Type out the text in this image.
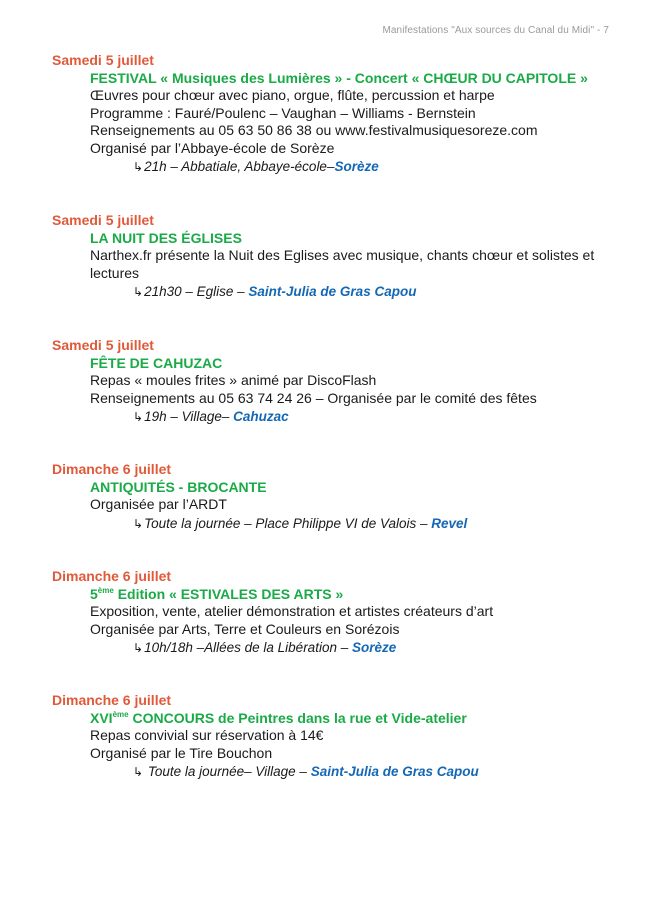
Manifestations "Aux sources du Canal du Midi" - 7
Samedi 5 juillet
FESTIVAL « Musiques des Lumières » - Concert « CHŒUR DU CAPITOLE »
Œuvres pour chœur avec piano, orgue, flûte, percussion et harpe
Programme : Fauré/Poulenc – Vaughan – Williams - Bernstein
Renseignements au 05 63 50 86 38 ou www.festivalmusiquesoreze.com
Organisé par l’Abbaye-école de Sorèze
↳21h – Abbatiale, Abbaye-école–Sorèze
Samedi 5 juillet
LA NUIT DES ÉGLISES
Narthex.fr présente la Nuit des Eglises avec musique, chants chœur et solistes et
lectures
↳21h30 – Eglise – Saint-Julia de Gras Capou
Samedi 5 juillet
FÊTE DE CAHUZAC
Repas « moules frites » animé par DiscoFlash
Renseignements au 05 63 74 24 26 – Organisée par le comité des fêtes
↳19h – Village– Cahuzac
Dimanche 6 juillet
ANTIQUITÉS - BROCANTE
Organisée par l’ARDT
↳Toute la journée – Place Philippe VI de Valois – Revel
Dimanche 6 juillet
5ème Edition « ESTIVALES DES ARTS »
Exposition, vente, atelier démonstration et artistes créateurs d’art
Organisée par Arts, Terre et Couleurs en Sorézois
↳10h/18h –Allées de la Libération – Sorèze
Dimanche 6 juillet
XVIème CONCOURS de Peintres dans la rue et Vide-atelier
Repas convivial sur réservation à 14€
Organisé par le Tire Bouchon
↳ Toute la journée– Village – Saint-Julia de Gras Capou
